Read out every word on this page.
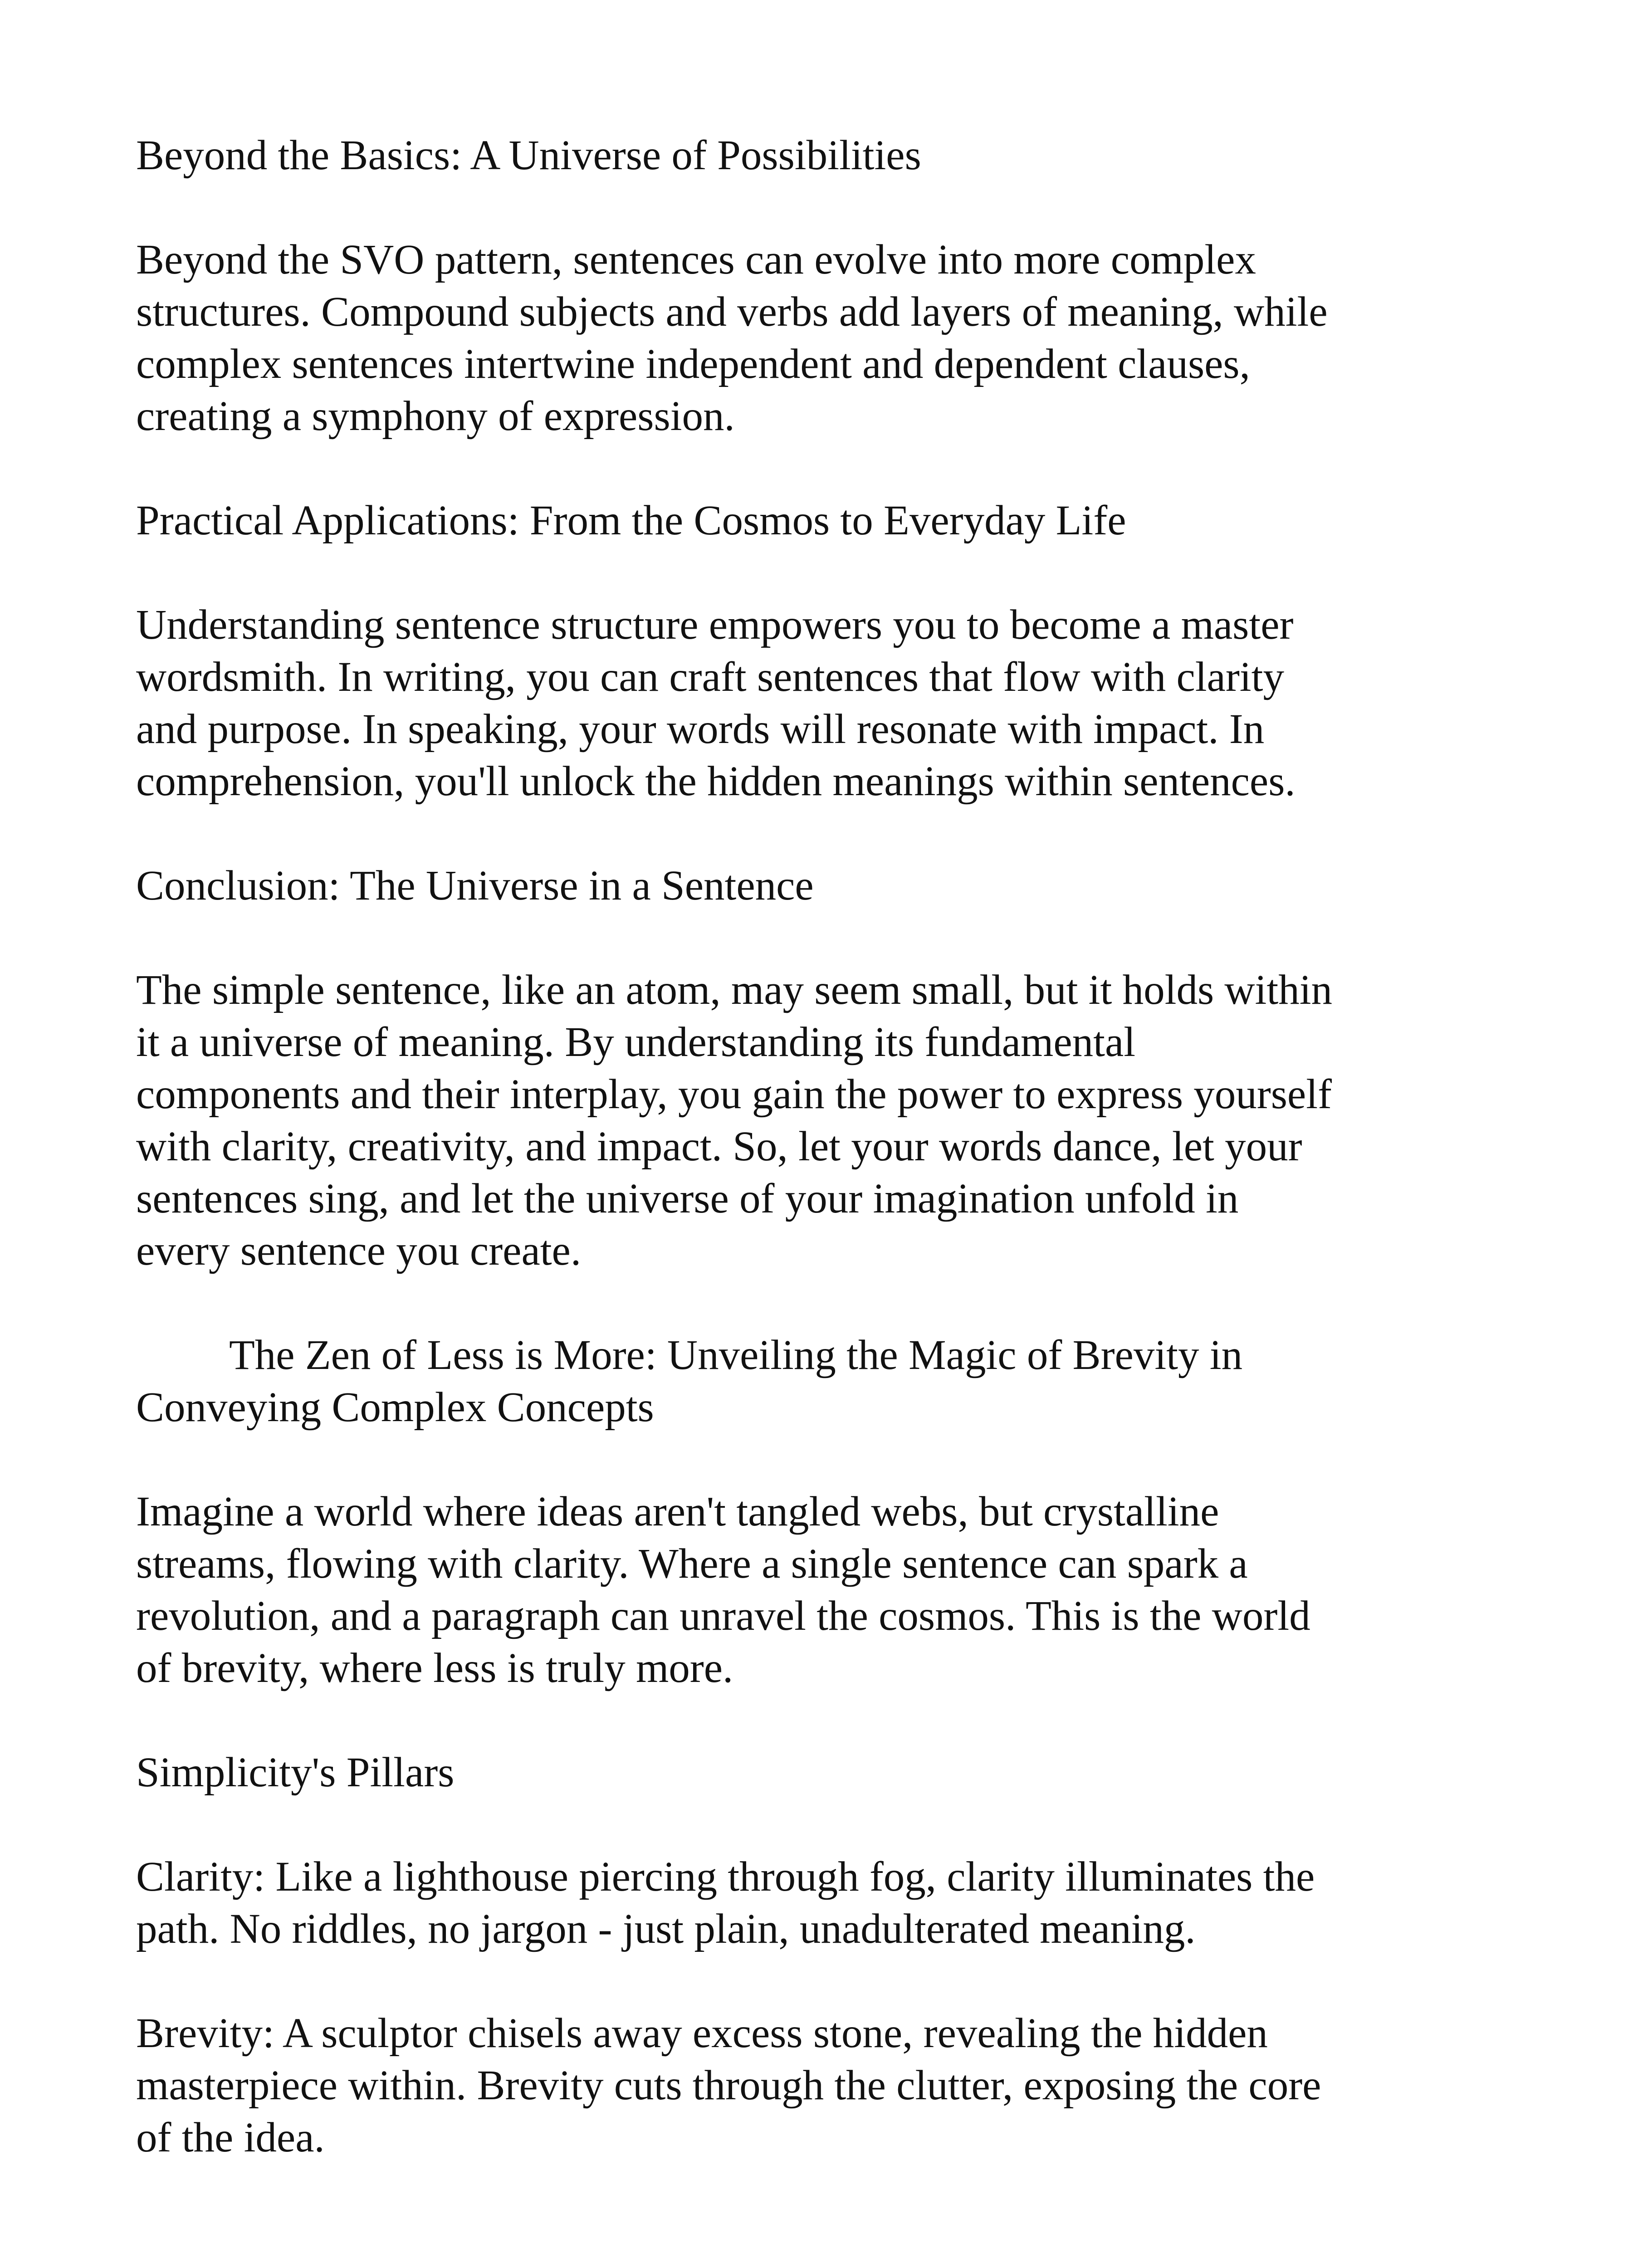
Beyond the Basics: A Universe of Possibilities
Beyond the SVO pattern, sentences can evolve into more complex
structures. Compound subjects and verbs add layers of meaning, while
complex sentences intertwine independent and dependent clauses,
creating a symphony of expression.
Practical Applications: From the Cosmos to Everyday Life
Understanding sentence structure empowers you to become a master
wordsmith. In writing, you can craft sentences that flow with clarity
and purpose. In speaking, your words will resonate with impact. In
comprehension, you'll unlock the hidden meanings within sentences.
Conclusion: The Universe in a Sentence
The simple sentence, like an atom, may seem small, but it holds within
it a universe of meaning. By understanding its fundamental
components and their interplay, you gain the power to express yourself
with clarity, creativity, and impact. So, let your words dance, let your
sentences sing, and let the universe of your imagination unfold in
every sentence you create.
The Zen of Less is More: Unveiling the Magic of Brevity in
Conveying Complex Concepts
Imagine a world where ideas aren't tangled webs, but crystalline
streams, flowing with clarity. Where a single sentence can spark a
revolution, and a paragraph can unravel the cosmos. This is the world
of brevity, where less is truly more.
Simplicity's Pillars
Clarity: Like a lighthouse piercing through fog, clarity illuminates the
path. No riddles, no jargon - just plain, unadulterated meaning.
Brevity: A sculptor chisels away excess stone, revealing the hidden
masterpiece within. Brevity cuts through the clutter, exposing the core
of the idea.
